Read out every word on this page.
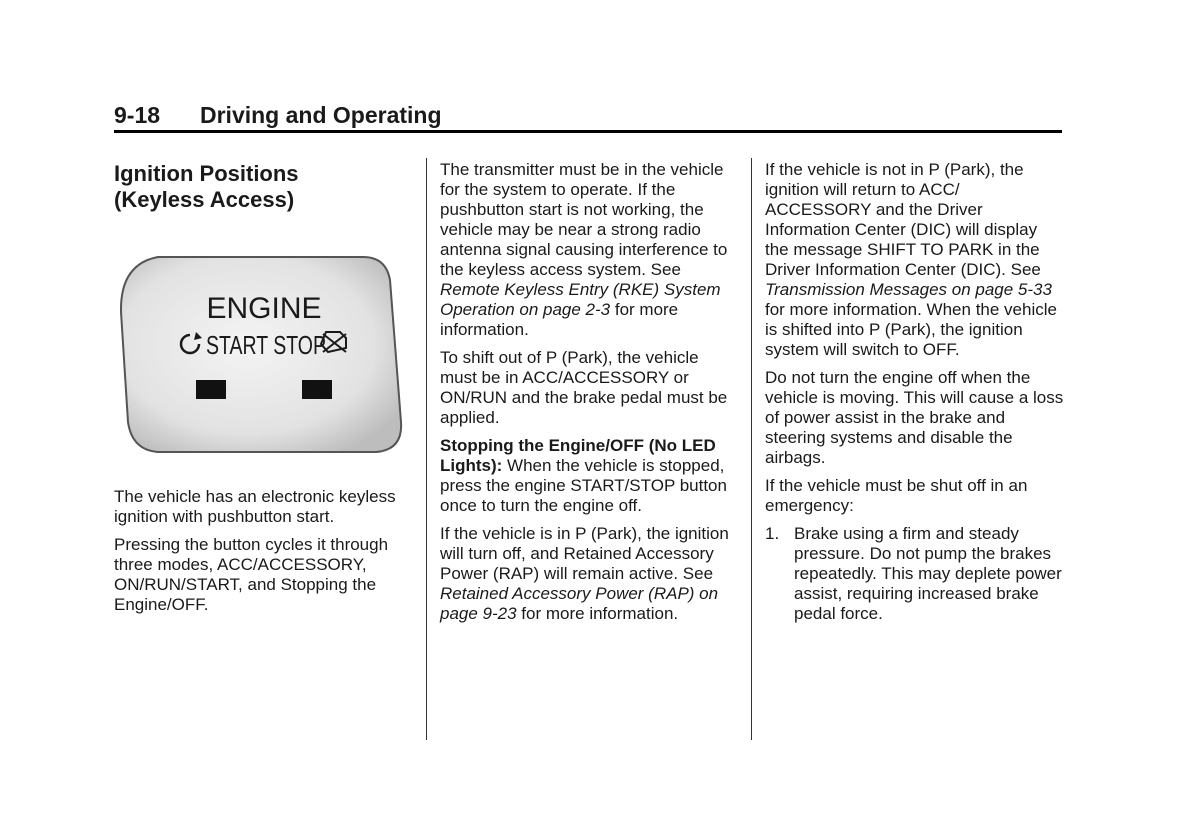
9-18 Driving and Operating
Ignition Positions
(Keyless Access)
ENGINE
START STOP

The vehicle has an electronic keyless ignition with pushbutton start.

Pressing the button cycles it through three modes, ACC/ACCESSORY, ON/RUN/START, and Stopping the Engine/OFF.

The transmitter must be in the vehicle for the system to operate. If the pushbutton start is not working, the vehicle may be near a strong radio antenna signal causing interference to the keyless access system. See Remote Keyless Entry (RKE) System Operation on page 2-3 for more information.

To shift out of P (Park), the vehicle must be in ACC/ACCESSORY or ON/RUN and the brake pedal must be applied.

Stopping the Engine/OFF (No LED Lights): When the vehicle is stopped, press the engine START/STOP button once to turn the engine off.

If the vehicle is in P (Park), the ignition will turn off, and Retained Accessory Power (RAP) will remain active. See Retained Accessory Power (RAP) on page 9-23 for more information.

If the vehicle is not in P (Park), the ignition will return to ACC/ ACCESSORY and the Driver Information Center (DIC) will display the message SHIFT TO PARK in the Driver Information Center (DIC). See Transmission Messages on page 5-33 for more information. When the vehicle is shifted into P (Park), the ignition system will switch to OFF.

Do not turn the engine off when the vehicle is moving. This will cause a loss of power assist in the brake and steering systems and disable the airbags.

If the vehicle must be shut off in an emergency:

1. Brake using a firm and steady pressure. Do not pump the brakes repeatedly. This may deplete power assist, requiring increased brake pedal force.
